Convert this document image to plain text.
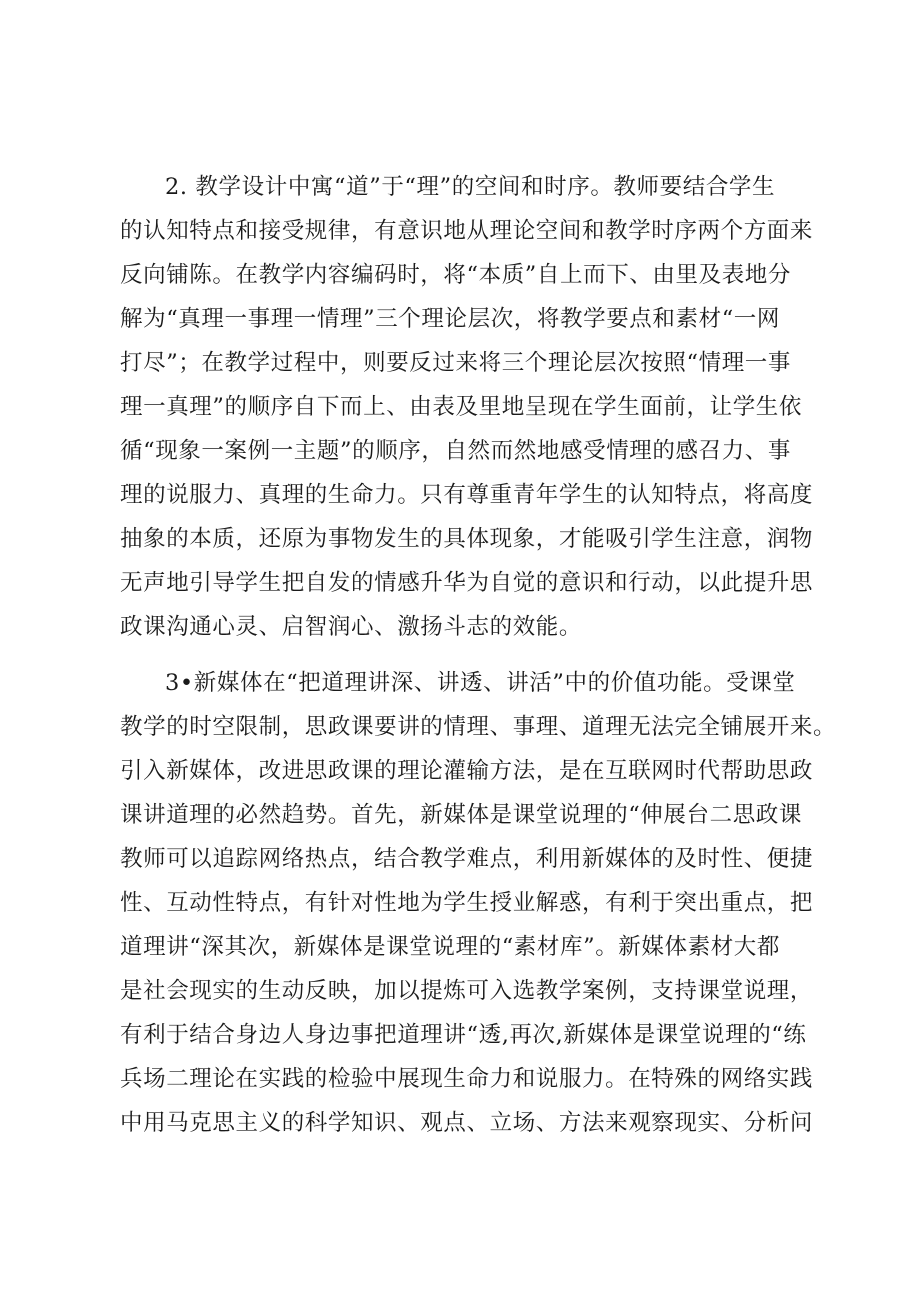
2. 教学设计中寓“道”于“理”的空间和时序。教师要结合学生
的认知特点和接受规律，有意识地从理论空间和教学时序两个方面来
反向铺陈。在教学内容编码时，将“本质”自上而下、由里及表地分
解为“真理一事理一情理”三个理论层次，将教学要点和素材“一网
打尽”；在教学过程中，则要反过来将三个理论层次按照“情理一事
理一真理”的顺序自下而上、由表及里地呈现在学生面前，让学生依
循“现象一案例一主题”的顺序，自然而然地感受情理的感召力、事
理的说服力、真理的生命力。只有尊重青年学生的认知特点，将高度
抽象的本质，还原为事物发生的具体现象，才能吸引学生注意，润物
无声地引导学生把自发的情感升华为自觉的意识和行动，以此提升思
政课沟通心灵、启智润心、激扬斗志的效能。
3•新媒体在“把道理讲深、讲透、讲活”中的价值功能。受课堂
教学的时空限制，思政课要讲的情理、事理、道理无法完全铺展开来。
引入新媒体，改进思政课的理论灌输方法，是在互联网时代帮助思政
课讲道理的必然趋势。首先，新媒体是课堂说理的“伸展台二思政课
教师可以追踪网络热点，结合教学难点，利用新媒体的及时性、便捷
性、互动性特点，有针对性地为学生授业解惑，有利于突出重点，把
道理讲“深其次，新媒体是课堂说理的“素材库”。新媒体素材大都
是社会现实的生动反映，加以提炼可入选教学案例，支持课堂说理，
有利于结合身边人身边事把道理讲“透,再次,新媒体是课堂说理的“练
兵场二理论在实践的检验中展现生命力和说服力。在特殊的网络实践
中用马克思主义的科学知识、观点、立场、方法来观察现实、分析问
